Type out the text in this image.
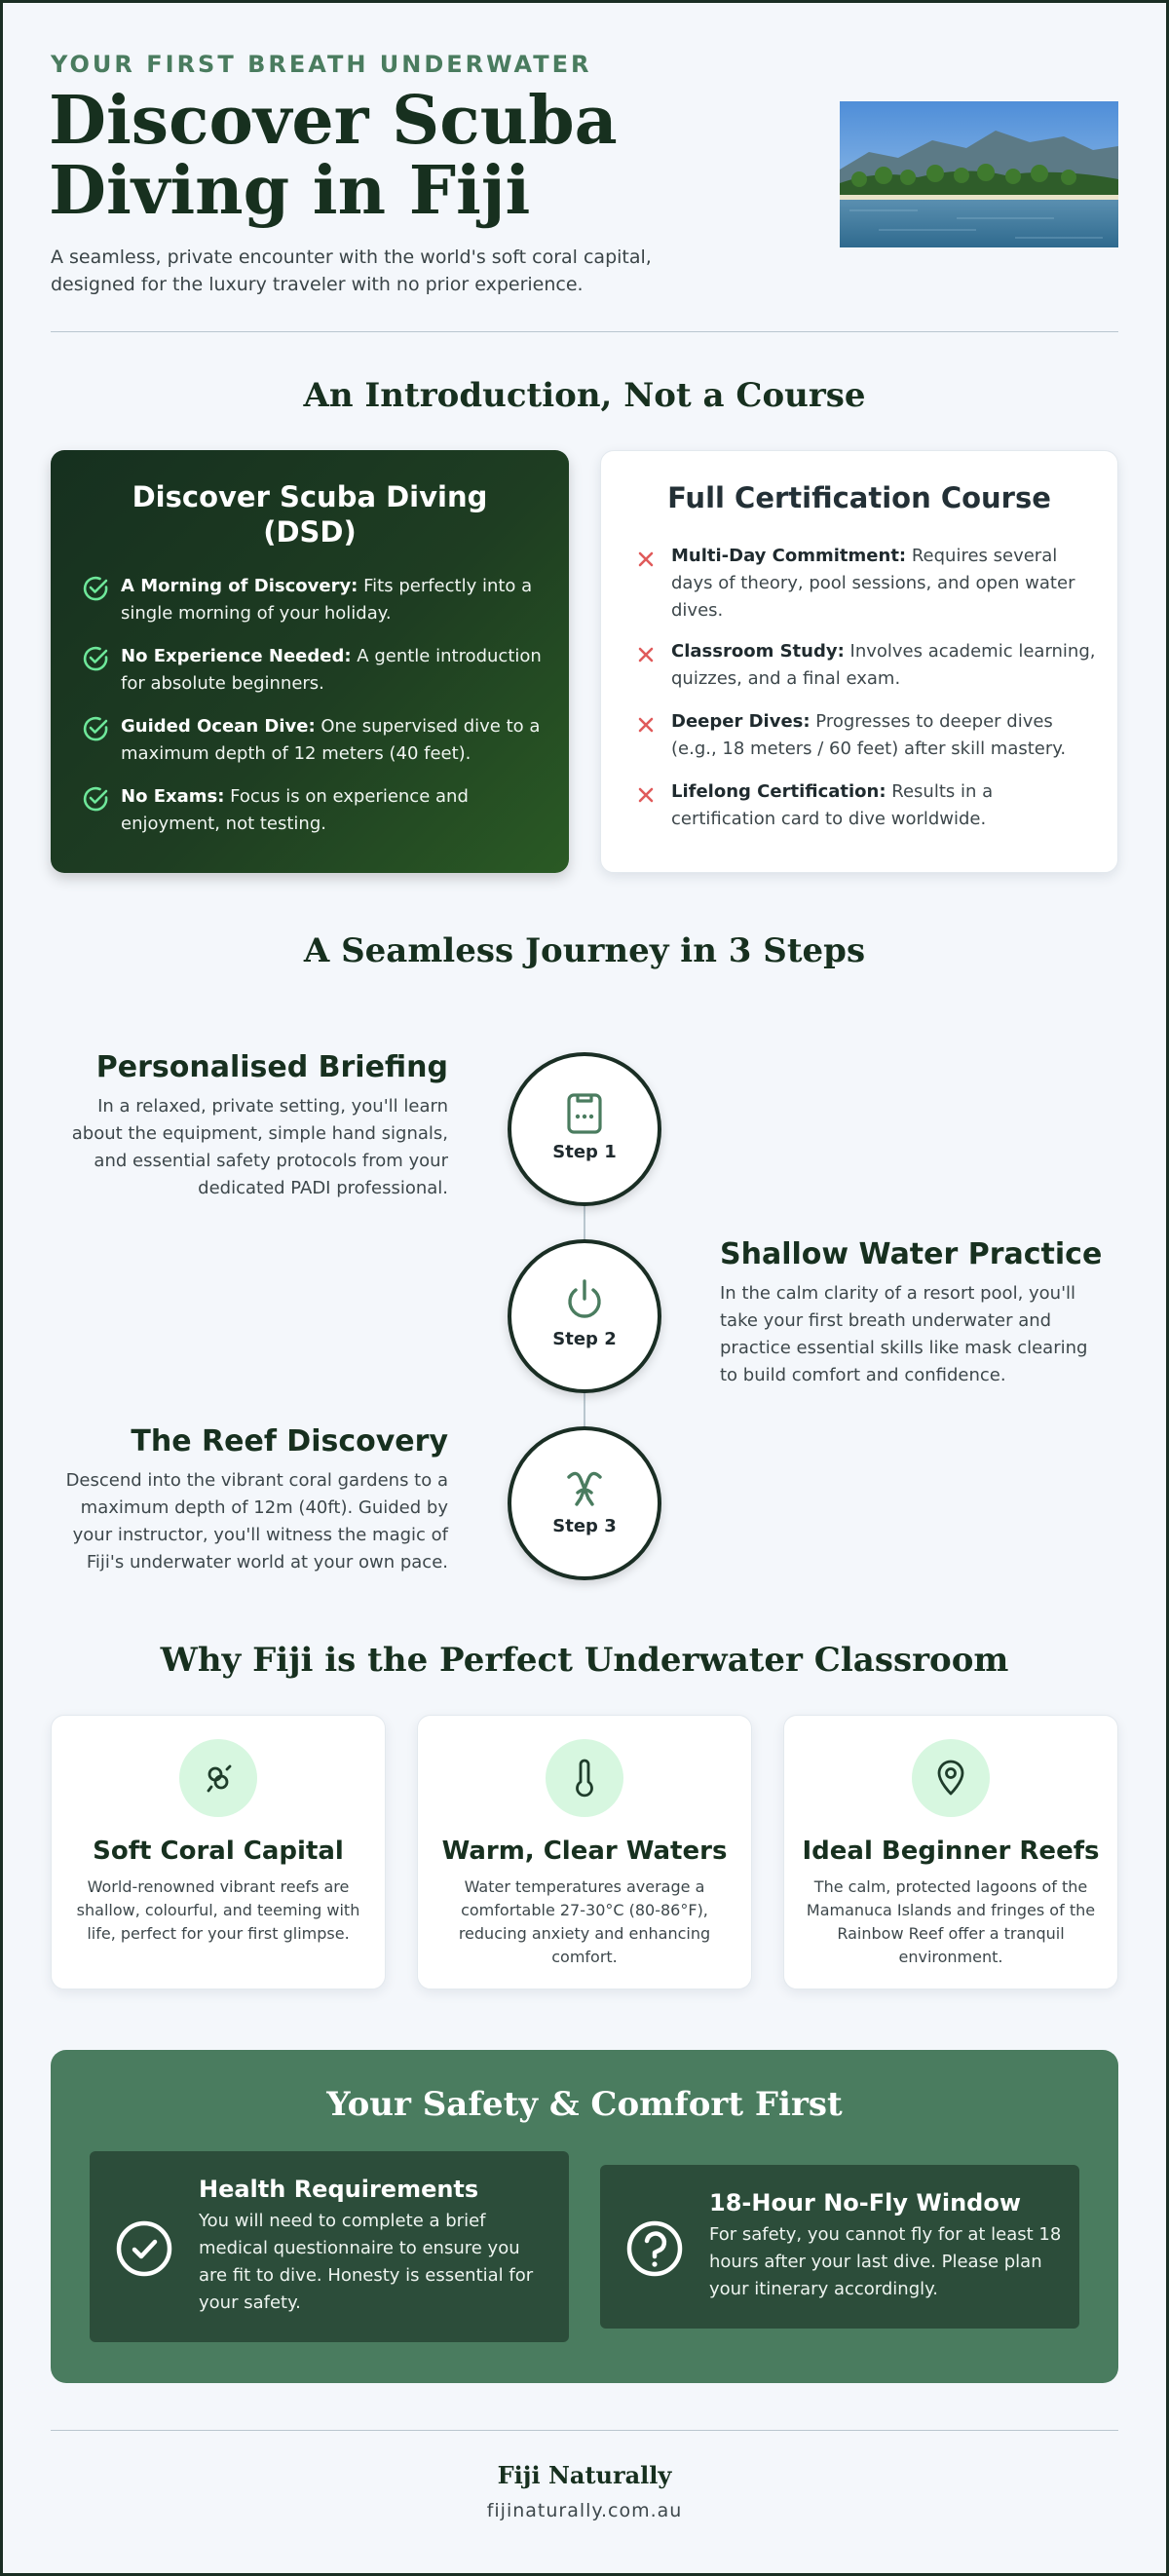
YOUR FIRST BREATH UNDERWATER
Discover Scuba Diving in Fiji

A seamless, private encounter with the world's soft coral capital, designed for the luxury traveler with no prior experience.

An Introduction, Not a Course
Discover Scuba Diving (DSD)
A Morning of Discovery: Fits perfectly into a single morning of your holiday.
No Experience Needed: A gentle introduction for absolute beginners.
Guided Ocean Dive: One supervised dive to a maximum depth of 12 meters (40 feet).
No Exams: Focus is on experience and enjoyment, not testing.
Full Certification Course
Multi-Day Commitment: Requires several days of theory, pool sessions, and open water dives.
Classroom Study: Involves academic learning, quizzes, and a final exam.
Deeper Dives: Progresses to deeper dives (e.g., 18 meters / 60 feet) after skill mastery.
Lifelong Certification: Results in a certification card to dive worldwide.
A Seamless Journey in 3 Steps
Personalised Briefing

In a relaxed, private setting, you'll learn about the equipment, simple hand signals, and essential safety protocols from your dedicated PADI professional.

Step 1
Shallow Water Practice

In the calm clarity of a resort pool, you'll take your first breath underwater and practice essential skills like mask clearing to build comfort and confidence.

Step 2
The Reef Discovery

Descend into the vibrant coral gardens to a maximum depth of 12m (40ft). Guided by your instructor, you'll witness the magic of Fiji's underwater world at your own pace.

Step 3
Why Fiji is the Perfect Underwater Classroom
Soft Coral Capital

World-renowned vibrant reefs are shallow, colourful, and teeming with life, perfect for your first glimpse.

Warm, Clear Waters

Water temperatures average a comfortable 27-30°C (80-86°F), reducing anxiety and enhancing comfort.

Ideal Beginner Reefs

The calm, protected lagoons of the Mamanuca Islands and fringes of the Rainbow Reef offer a tranquil environment.

Your Safety & Comfort First
Health Requirements

You will need to complete a brief medical questionnaire to ensure you are fit to dive. Honesty is essential for your safety.

18-Hour No-Fly Window

For safety, you cannot fly for at least 18 hours after your last dive. Please plan your itinerary accordingly.

Fiji Naturally
fijinaturally.com.au
